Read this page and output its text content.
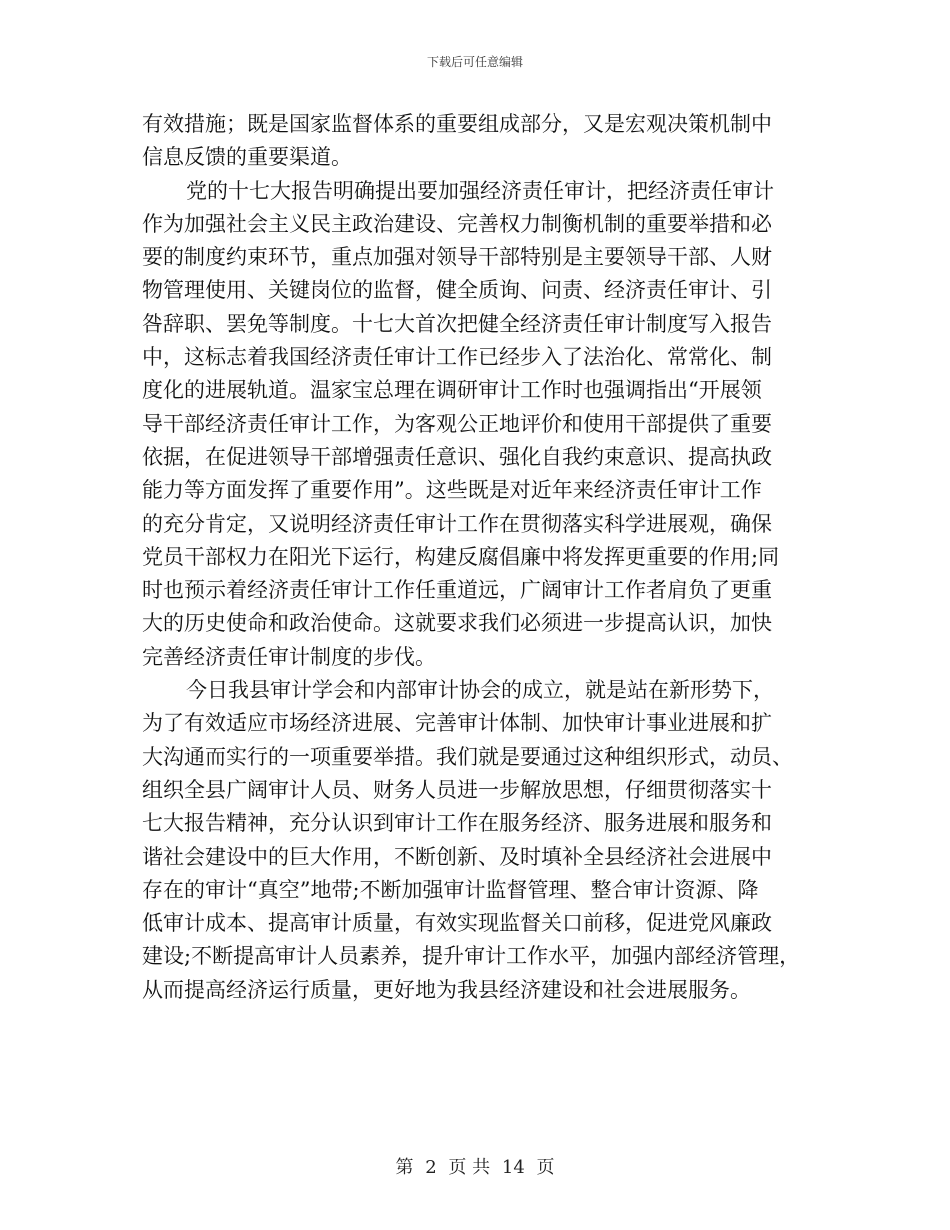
下载后可任意编辑
有效措施；既是国家监督体系的重要组成部分，又是宏观决策机制中
信息反馈的重要渠道。
党的十七大报告明确提出要加强经济责任审计，把经济责任审计
作为加强社会主义民主政治建设、完善权力制衡机制的重要举措和必
要的制度约束环节，重点加强对领导干部特别是主要领导干部、人财
物管理使用、关键岗位的监督，健全质询、问责、经济责任审计、引
咎辞职、罢免等制度。十七大首次把健全经济责任审计制度写入报告
中，这标志着我国经济责任审计工作已经步入了法治化、常常化、制
度化的进展轨道。温家宝总理在调研审计工作时也强调指出“开展领
导干部经济责任审计工作，为客观公正地评价和使用干部提供了重要
依据，在促进领导干部增强责任意识、强化自我约束意识、提高执政
能力等方面发挥了重要作用”。这些既是对近年来经济责任审计工作
的充分肯定，又说明经济责任审计工作在贯彻落实科学进展观，确保
党员干部权力在阳光下运行，构建反腐倡廉中将发挥更重要的作用;同
时也预示着经济责任审计工作任重道远，广阔审计工作者肩负了更重
大的历史使命和政治使命。这就要求我们必须进一步提高认识，加快
完善经济责任审计制度的步伐。
今日我县审计学会和内部审计协会的成立，就是站在新形势下，
为了有效适应市场经济进展、完善审计体制、加快审计事业进展和扩
大沟通而实行的一项重要举措。我们就是要通过这种组织形式，动员、
组织全县广阔审计人员、财务人员进一步解放思想，仔细贯彻落实十
七大报告精神，充分认识到审计工作在服务经济、服务进展和服务和
谐社会建设中的巨大作用，不断创新、及时填补全县经济社会进展中
存在的审计“真空”地带;不断加强审计监督管理、整合审计资源、降
低审计成本、提高审计质量，有效实现监督关口前移，促进党风廉政
建设;不断提高审计人员素养，提升审计工作水平，加强内部经济管理，
从而提高经济运行质量，更好地为我县经济建设和社会进展服务。
第 2 页 共 14 页
